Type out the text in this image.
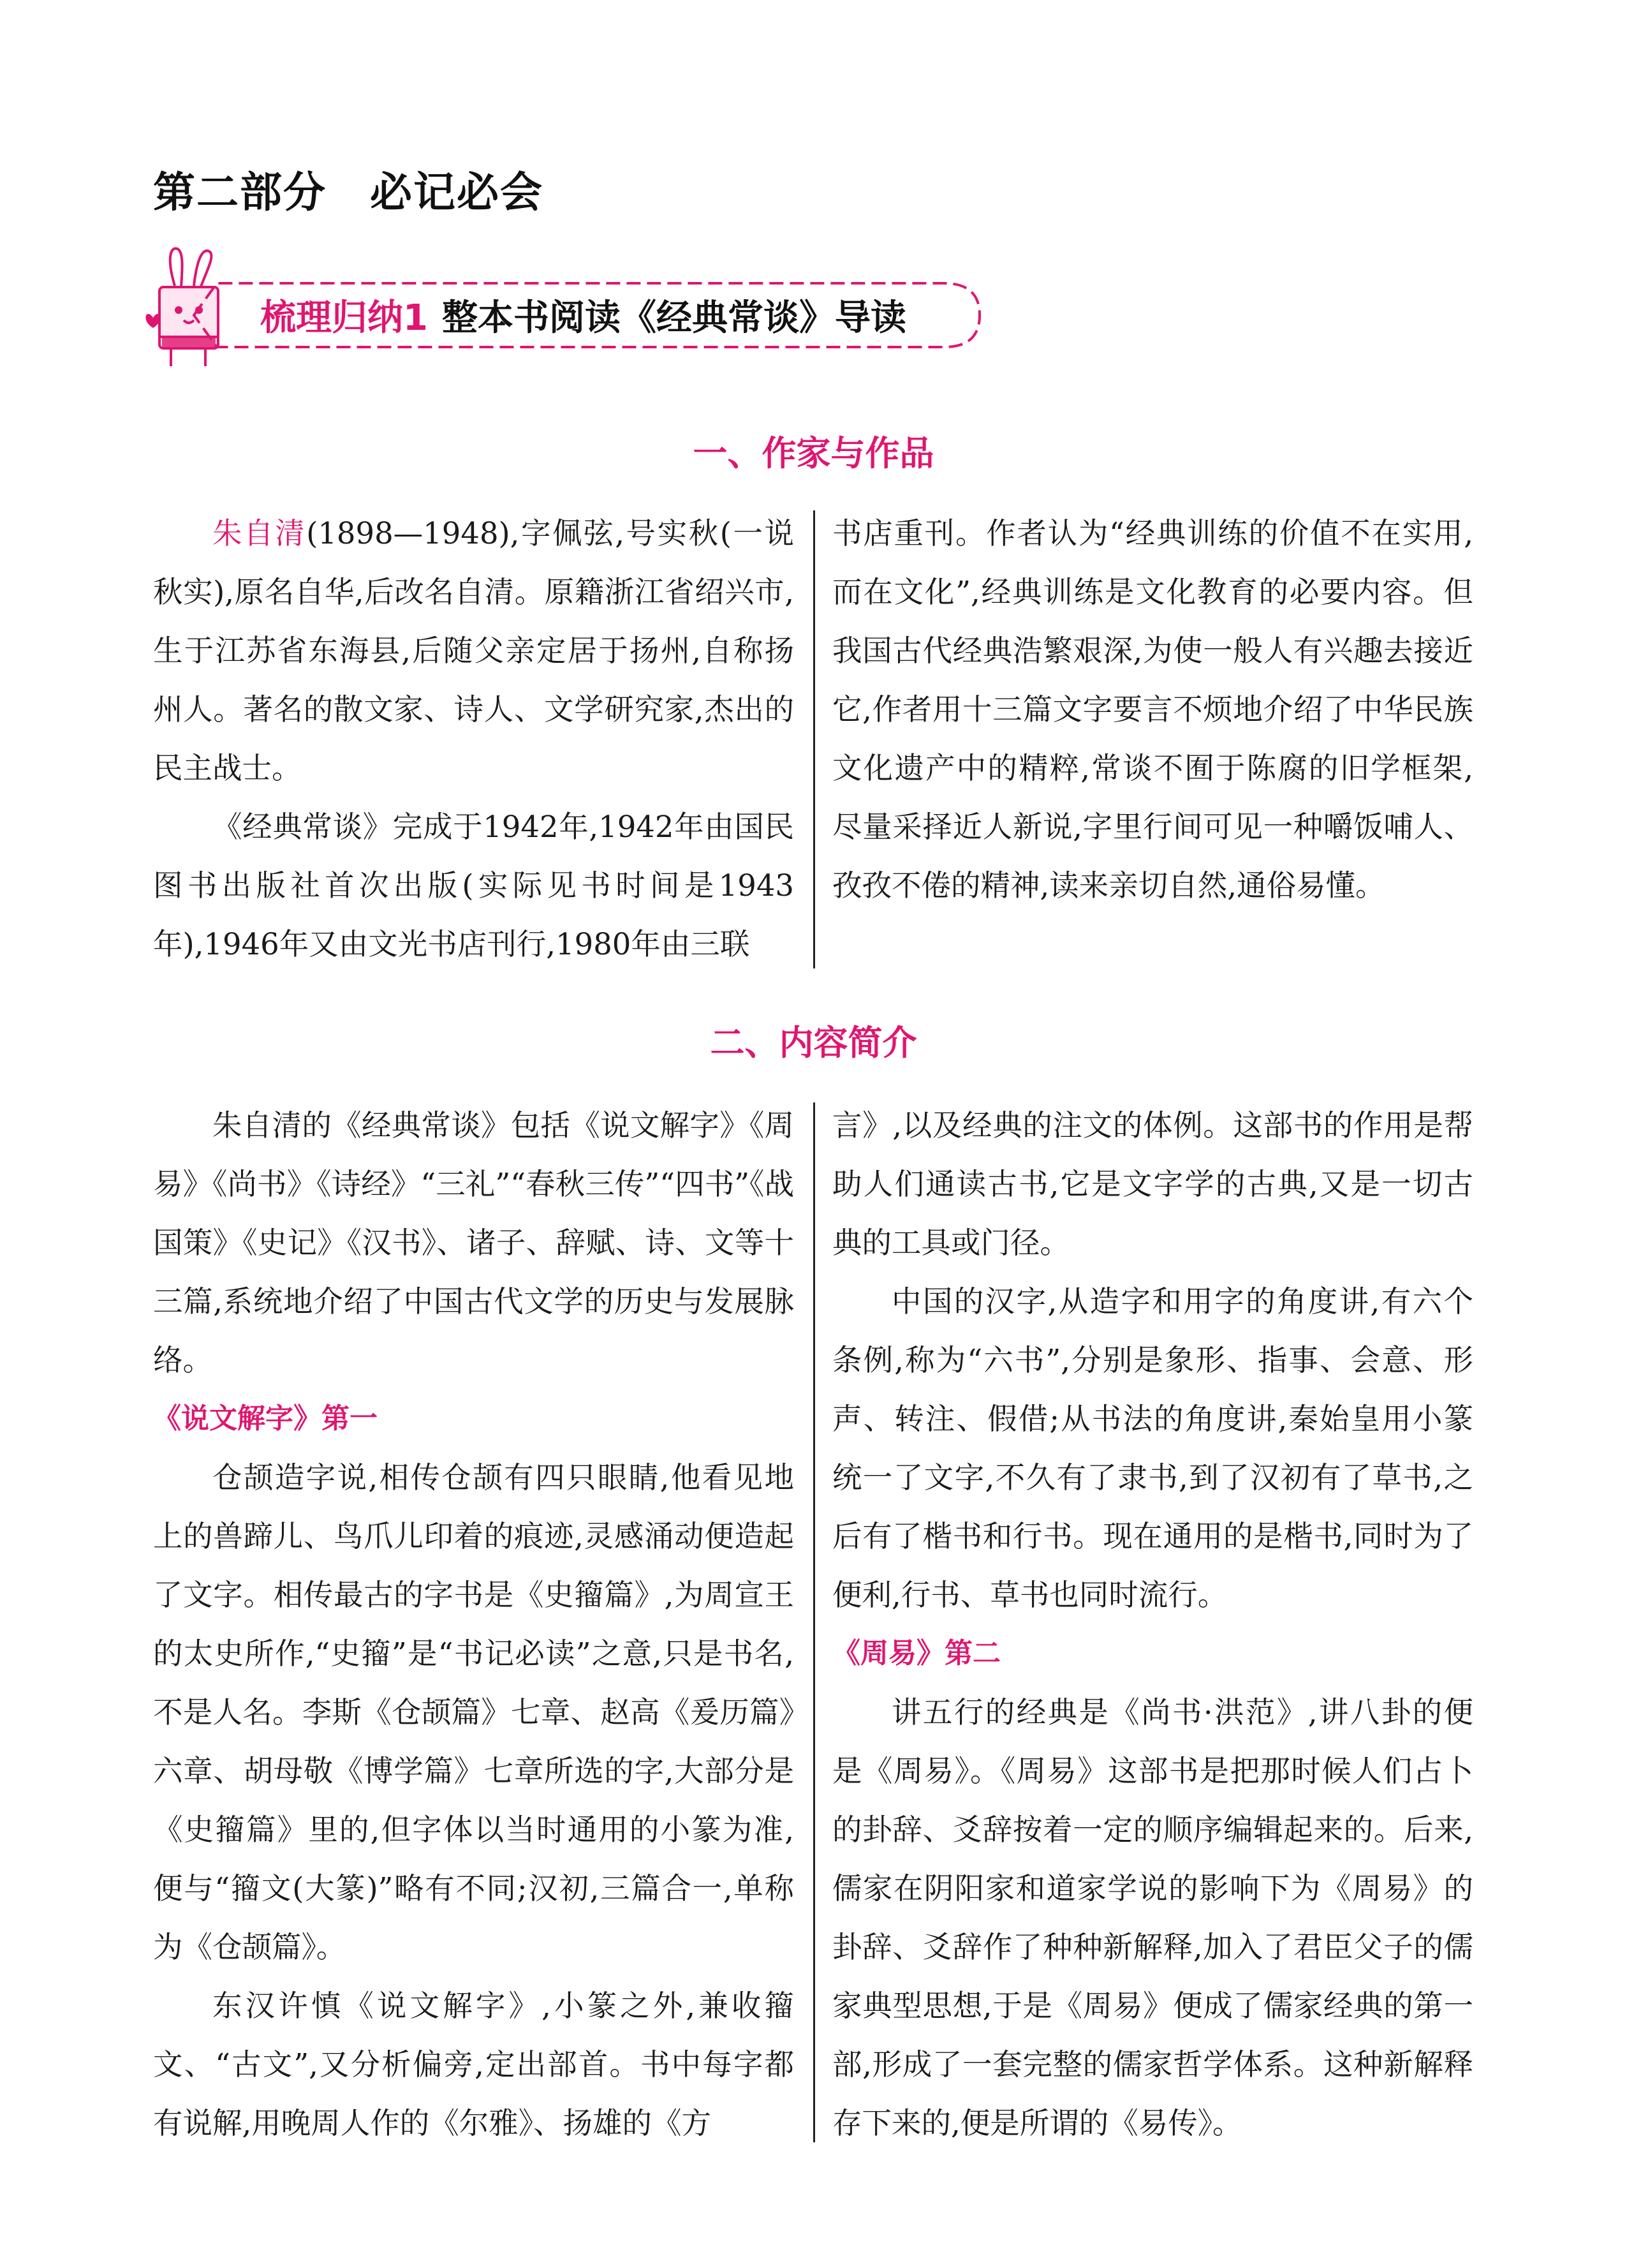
第二部分　必记必会
梳理归纳1 整本书阅读《经典常谈》导读
一、作家与作品

朱自清(1898—1948),字佩弦,号实秋(一说秋实),原名自华,后改名自清。原籍浙江省绍兴市,生于江苏省东海县,后随父亲定居于扬州,自称扬州人。著名的散文家、诗人、文学研究家,杰出的民主战士。

《经典常谈》完成于1942年,1942年由国民图书出版社首次出版(实际见书时间是1943年),1946年又由文光书店刊行,1980年由三联

书店重刊。作者认为“经典训练的价值不在实用,而在文化”,经典训练是文化教育的必要内容。但我国古代经典浩繁艰深,为使一般人有兴趣去接近它,作者用十三篇文字要言不烦地介绍了中华民族文化遗产中的精粹,常谈不囿于陈腐的旧学框架,尽量采择近人新说,字里行间可见一种嚼饭哺人、孜孜不倦的精神,读来亲切自然,通俗易懂。

二、内容简介

朱自清的《经典常谈》包括《说文解字》《周易》《尚书》《诗经》“三礼”“春秋三传”“四书”《战国策》《史记》《汉书》、诸子、辞赋、诗、文等十三篇,系统地介绍了中国古代文学的历史与发展脉络。

《说文解字》第一

仓颉造字说,相传仓颉有四只眼睛,他看见地上的兽蹄儿、鸟爪儿印着的痕迹,灵感涌动便造起了文字。相传最古的字书是《史籀篇》,为周宣王的太史所作,“史籀”是“书记必读”之意,只是书名,不是人名。李斯《仓颉篇》七章、赵高《爰历篇》六章、胡母敬《博学篇》七章所选的字,大部分是《史籀篇》里的,但字体以当时通用的小篆为准,便与“籀文(大篆)”略有不同;汉初,三篇合一,单称为《仓颉篇》。

东汉许慎《说文解字》,小篆之外,兼收籀文、“古文”,又分析偏旁,定出部首。书中每字都有说解,用晚周人作的《尔雅》、扬雄的《方

言》,以及经典的注文的体例。这部书的作用是帮助人们通读古书,它是文字学的古典,又是一切古典的工具或门径。

中国的汉字,从造字和用字的角度讲,有六个条例,称为“六书”,分别是象形、指事、会意、形声、转注、假借;从书法的角度讲,秦始皇用小篆统一了文字,不久有了隶书,到了汉初有了草书,之后有了楷书和行书。现在通用的是楷书,同时为了便利,行书、草书也同时流行。

《周易》第二

讲五行的经典是《尚书·洪范》,讲八卦的便是《周易》。《周易》这部书是把那时候人们占卜的卦辞、爻辞按着一定的顺序编辑起来的。后来,儒家在阴阳家和道家学说的影响下为《周易》的卦辞、爻辞作了种种新解释,加入了君臣父子的儒家典型思想,于是《周易》便成了儒家经典的第一部,形成了一套完整的儒家哲学体系。这种新解释存下来的,便是所谓的《易传》。
